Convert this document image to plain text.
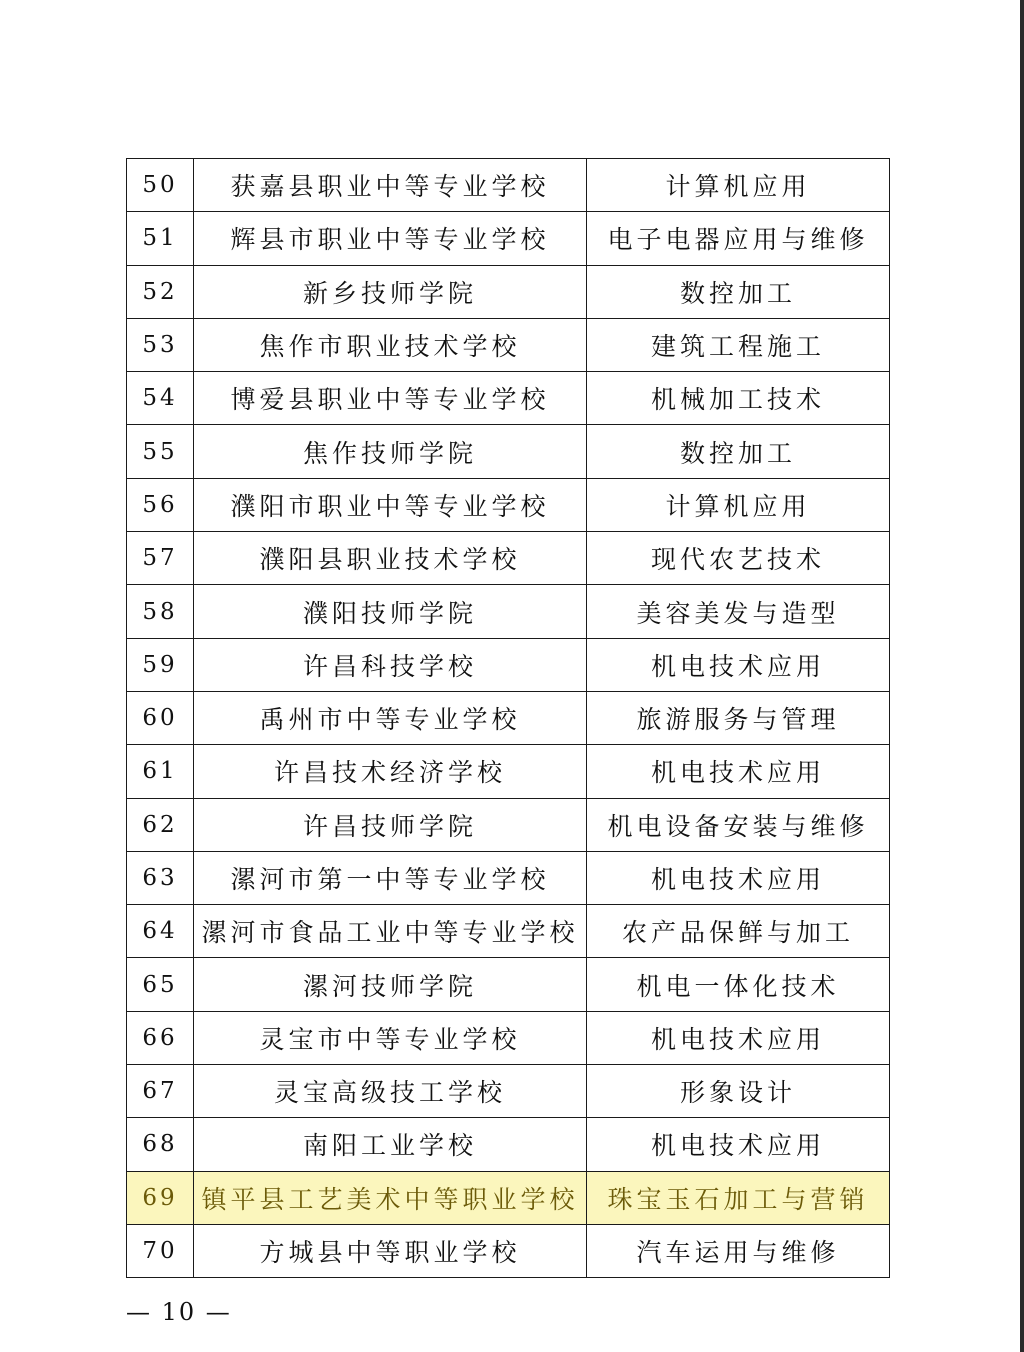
50	获嘉县职业中等专业学校	计算机应用
51	辉县市职业中等专业学校	电子电器应用与维修
52	新乡技师学院	数控加工
53	焦作市职业技术学校	建筑工程施工
54	博爱县职业中等专业学校	机械加工技术
55	焦作技师学院	数控加工
56	濮阳市职业中等专业学校	计算机应用
57	濮阳县职业技术学校	现代农艺技术
58	濮阳技师学院	美容美发与造型
59	许昌科技学校	机电技术应用
60	禹州市中等专业学校	旅游服务与管理
61	许昌技术经济学校	机电技术应用
62	许昌技师学院	机电设备安装与维修
63	漯河市第一中等专业学校	机电技术应用
64	漯河市食品工业中等专业学校	农产品保鲜与加工
65	漯河技师学院	机电一体化技术
66	灵宝市中等专业学校	机电技术应用
67	灵宝高级技工学校	形象设计
68	南阳工业学校	机电技术应用
69	镇平县工艺美术中等职业学校	珠宝玉石加工与营销
70	方城县中等职业学校	汽车运用与维修
— 10 —
